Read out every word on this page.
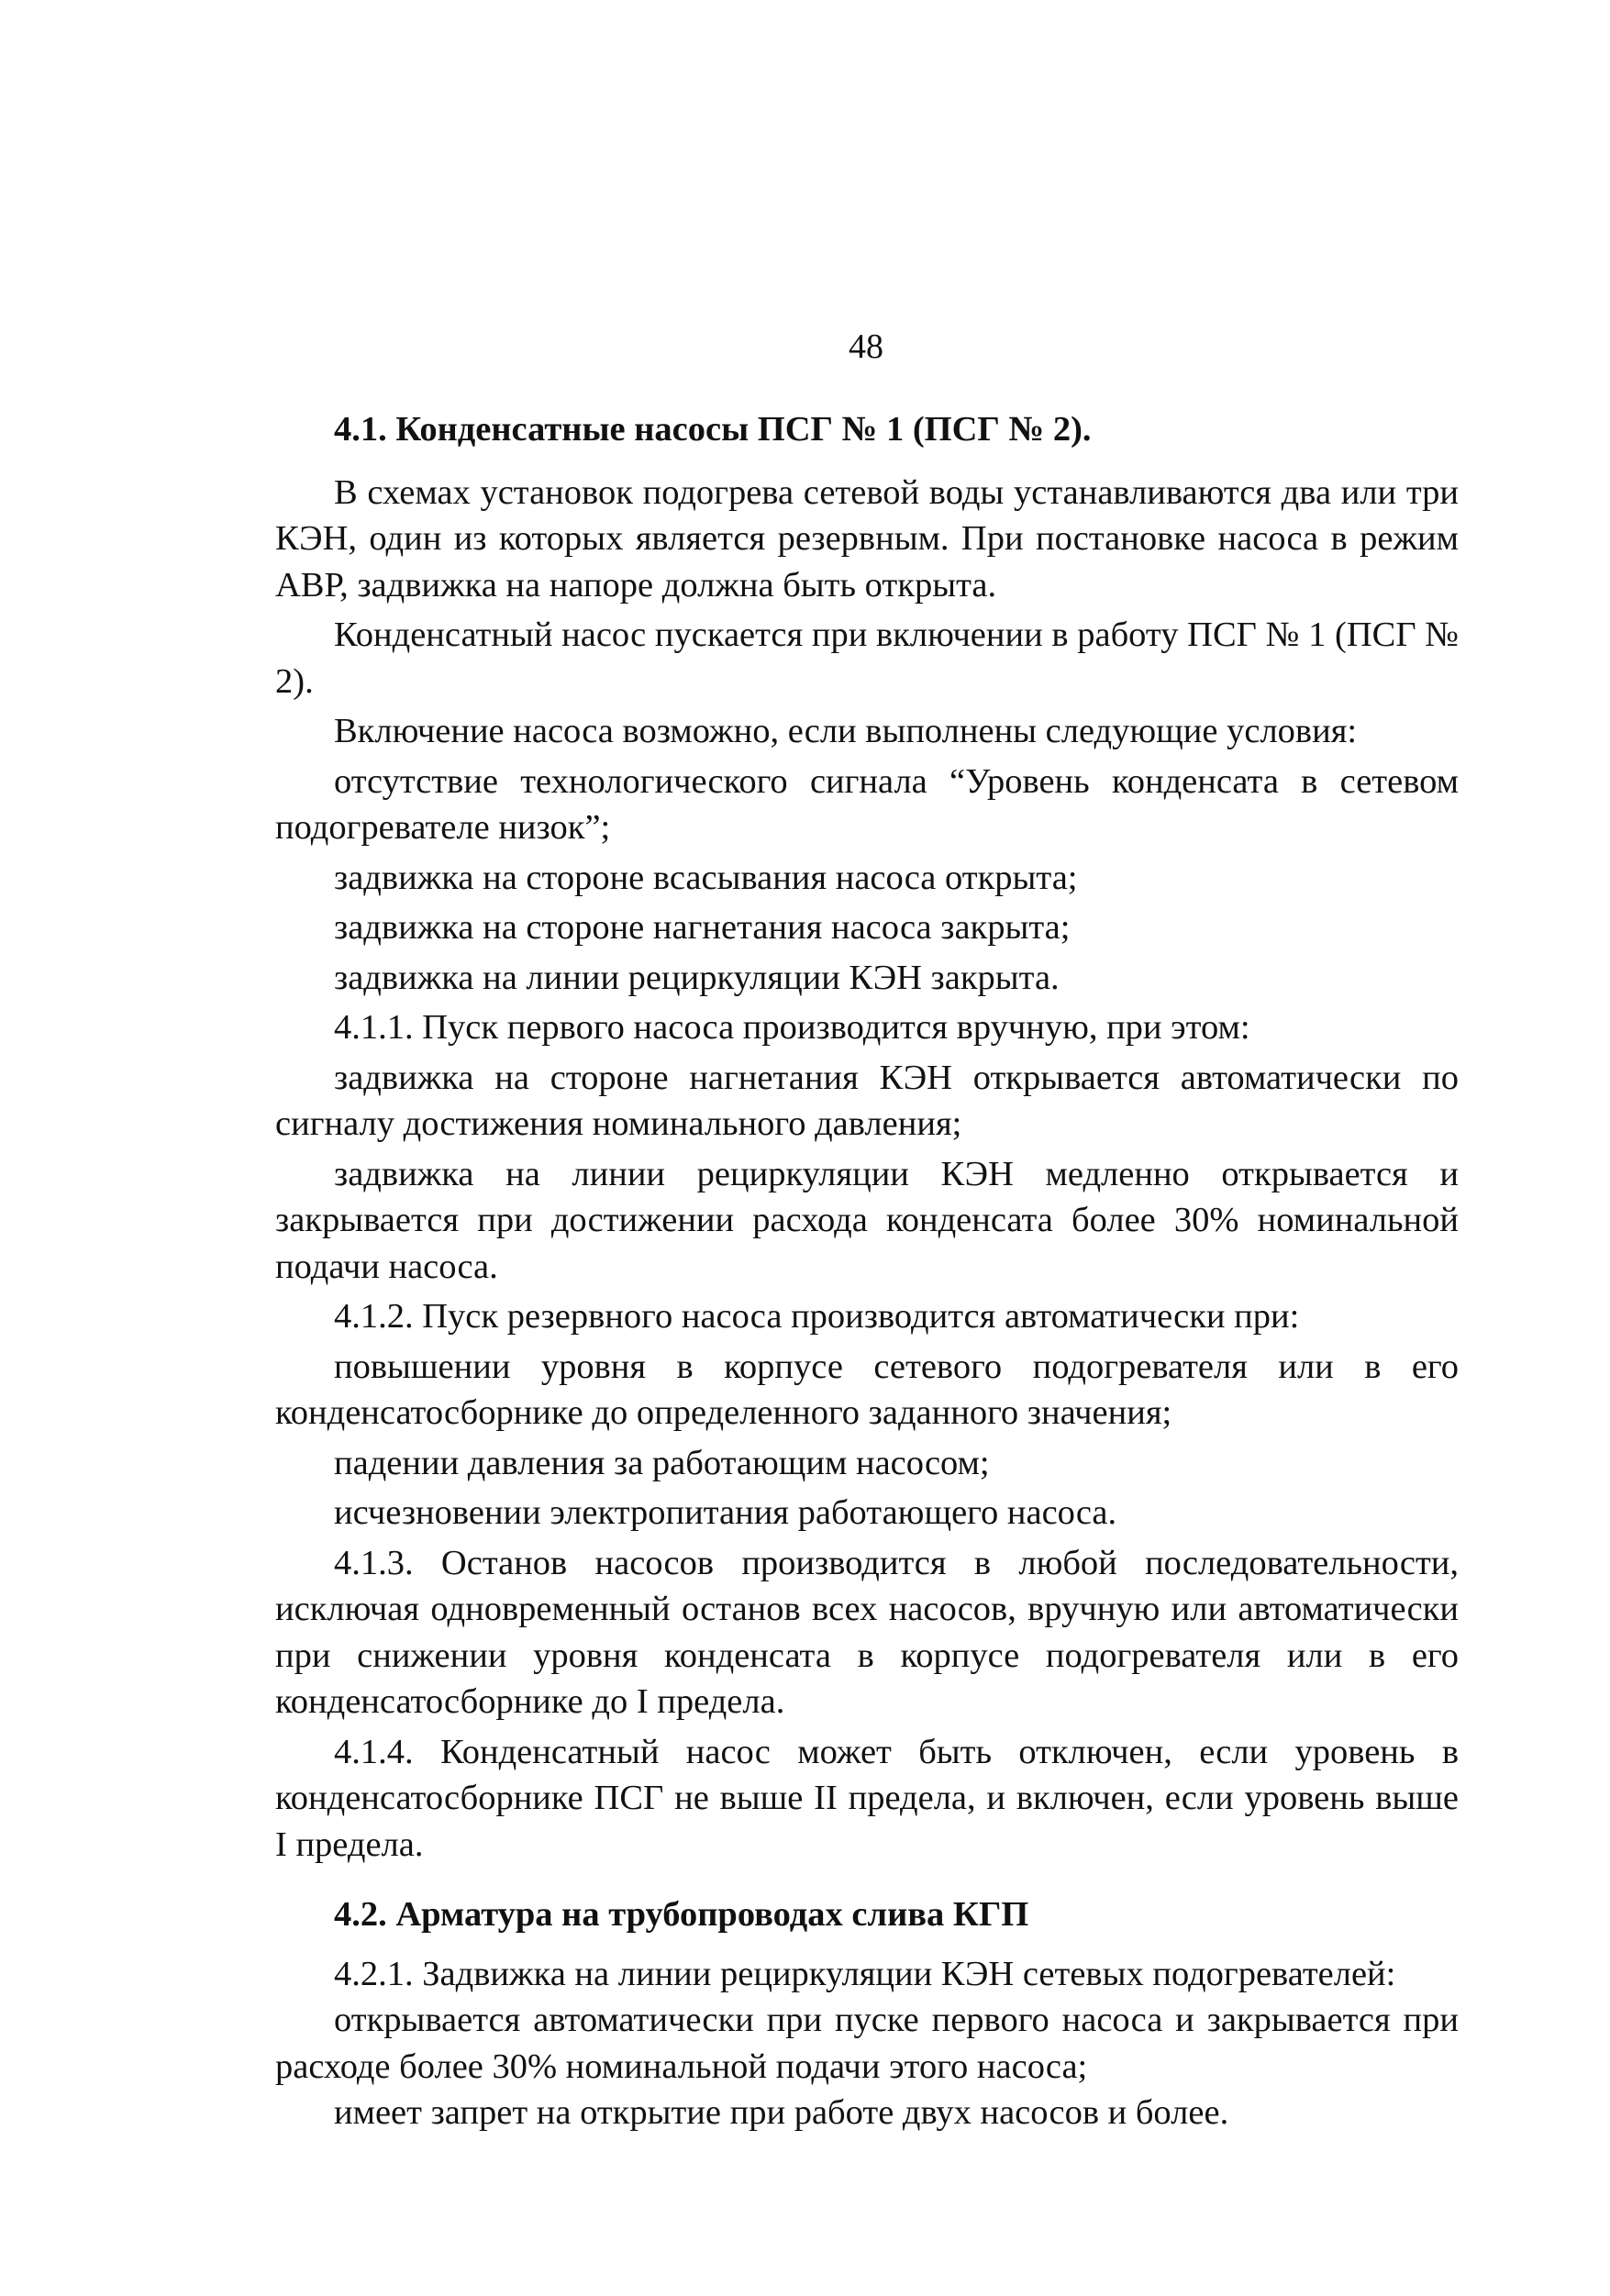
48

4.1. Конденсатные насосы ПСГ № 1 (ПСГ № 2).

В схемах установок подогрева сетевой воды устанавливаются два или три КЭН, один из которых является резервным. При постановке насоса в режим АВР, задвижка на напоре должна быть открыта.

Конденсатный насос пускается при включении в работу ПСГ № 1 (ПСГ № 2).

Включение насоса возможно, если выполнены следующие условия:

отсутствие технологического сигнала “Уровень конденсата в сетевом подогревателе низок”;

задвижка на стороне всасывания насоса открыта;

задвижка на стороне нагнетания насоса закрыта;

задвижка на линии рециркуляции КЭН закрыта.

4.1.1. Пуск первого насоса производится вручную, при этом:

задвижка на стороне нагнетания КЭН открывается автоматически по сигналу достижения номинального давления;

задвижка на линии рециркуляции КЭН медленно открывается и закрывается при достижении расхода конденсата более 30% номинальной подачи насоса.

4.1.2. Пуск резервного насоса производится автоматически при:

повышении уровня в корпусе сетевого подогревателя или в его конденсатосборнике до определенного заданного значения;

падении давления за работающим насосом;

исчезновении электропитания работающего насоса.

4.1.3. Останов насосов производится в любой последовательности, исключая одновременный останов всех насосов, вручную или автоматически при снижении уровня конденсата в корпусе подогревателя или в его конденсатосборнике до I предела.

4.1.4. Конденсатный насос может быть отключен, если уровень в конденсатосборнике ПСГ не выше II предела, и включен, если уровень выше I предела.

4.2. Арматура на трубопроводах слива КГП

4.2.1. Задвижка на линии рециркуляции КЭН сетевых подогревателей:

открывается автоматически при пуске первого насоса и закрывается при расходе более 30% номинальной подачи этого насоса;

имеет запрет на открытие при работе двух насосов и более.
